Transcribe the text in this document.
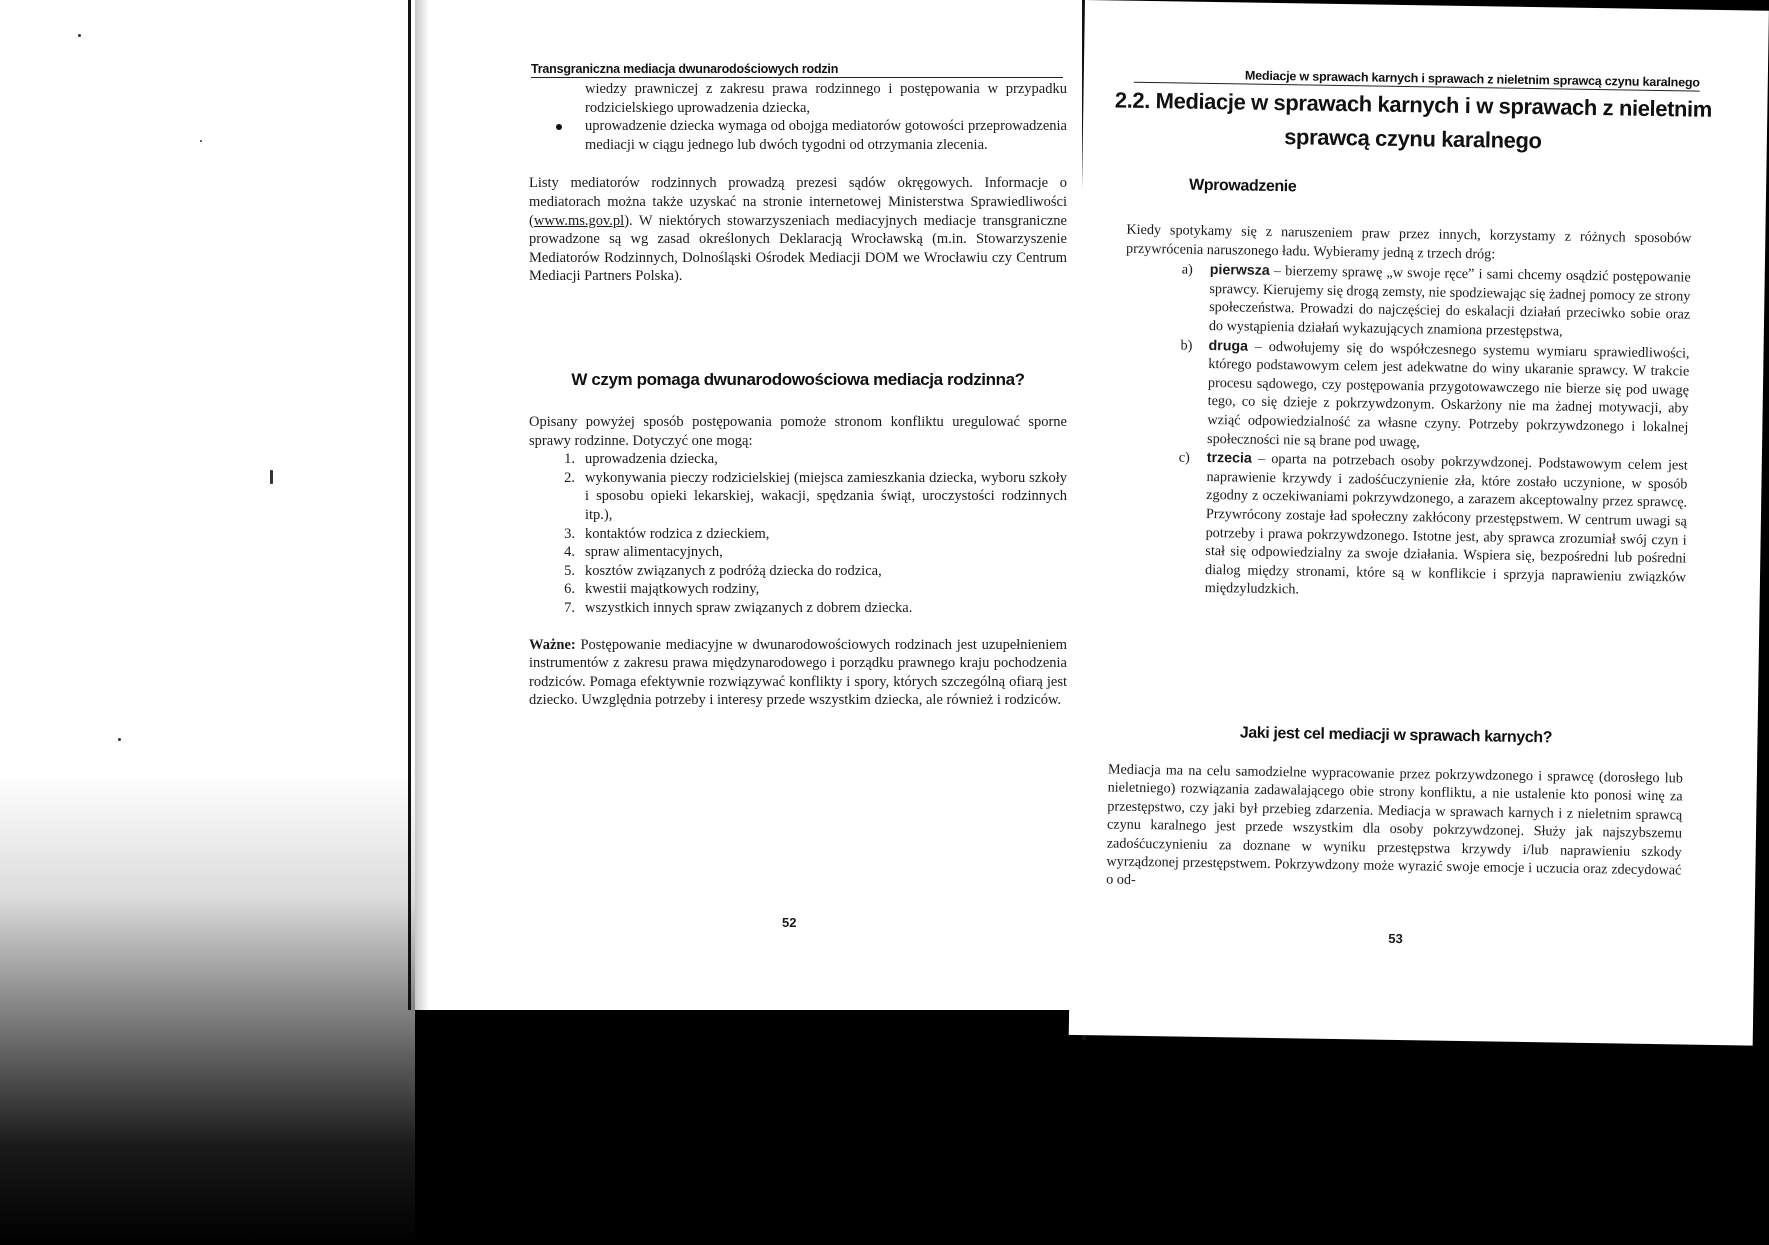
Transgraniczna mediacja dwunarodościowych rodzin
wiedzy prawniczej z zakresu prawa rodzinnego i postępowania w przypadku rodzicielskiego uprowadzenia dziecka,
uprowadzenie dziecka wymaga od obojga mediatorów gotowości przeprowadzenia mediacji w ciągu jednego lub dwóch tygodni od otrzymania zlecenia.

Listy mediatorów rodzinnych prowadzą prezesi sądów okręgowych. Informacje o mediatorach można także uzyskać na stronie internetowej Ministerstwa Sprawiedliwości (www.ms.gov.pl). W niektórych stowarzyszeniach mediacyjnych mediacje transgraniczne prowadzone są wg zasad określonych Deklaracją Wrocławską (m.in. Stowarzyszenie Mediatorów Rodzinnych, Dolnośląski Ośrodek Mediacji DOM we Wrocławiu czy Centrum Mediacji Partners Polska).

W czym pomaga dwunarodowościowa mediacja rodzinna?

Opisany powyżej sposób postępowania pomoże stronom konfliktu uregulować sporne sprawy rodzinne. Dotyczyć one mogą:

1. uprowadzenia dziecka,
2. wykonywania pieczy rodzicielskiej (miejsca zamieszkania dziecka, wyboru szkoły i sposobu opieki lekarskiej, wakacji, spędzania świąt, uroczystości rodzinnych itp.),
3. kontaktów rodzica z dzieckiem,
4. spraw alimentacyjnych,
5. kosztów związanych z podróżą dziecka do rodzica,
6. kwestii majątkowych rodziny,
7. wszystkich innych spraw związanych z dobrem dziecka.

Ważne: Postępowanie mediacyjne w dwunarodowościowych rodzinach jest uzupełnieniem instrumentów z zakresu prawa międzynarodowego i porządku prawnego kraju pochodzenia rodziców. Pomaga efektywnie rozwiązywać konflikty i spory, których szczególną ofiarą jest dziecko. Uwzględnia potrzeby i interesy przede wszystkim dziecka, ale również i rodziców.

52
Mediacje w sprawach karnych i sprawach z nieletnim sprawcą czynu karalnego
2.2. Mediacje w sprawach karnych i w sprawach z nieletnim
sprawcą czynu karalnego
Wprowadzenie

Kiedy spotykamy się z naruszeniem praw przez innych, korzystamy z różnych sposobów przywrócenia naruszonego ładu. Wybieramy jedną z trzech dróg:

a) pierwsza – bierzemy sprawę „w swoje ręce” i sami chcemy osądzić postępowanie sprawcy. Kierujemy się drogą zemsty, nie spodziewając się żadnej pomocy ze strony społeczeństwa. Prowadzi do najczęściej do eskalacji działań przeciwko sobie oraz do wystąpienia działań wykazujących znamiona przestępstwa,
b) druga – odwołujemy się do współczesnego systemu wymiaru sprawiedliwości, którego podstawowym celem jest adekwatne do winy ukaranie sprawcy. W trakcie procesu sądowego, czy postępowania przygotowawczego nie bierze się pod uwagę tego, co się dzieje z pokrzywdzonym. Oskarżony nie ma żadnej motywacji, aby wziąć odpowiedzialność za własne czyny. Potrzeby pokrzywdzonego i lokalnej społeczności nie są brane pod uwagę,
c) trzecia – oparta na potrzebach osoby pokrzywdzonej. Podstawowym celem jest naprawienie krzywdy i zadośćuczynienie zła, które zostało uczynione, w sposób zgodny z oczekiwaniami pokrzywdzonego, a zarazem akceptowalny przez sprawcę. Przywrócony zostaje ład społeczny zakłócony przestępstwem. W centrum uwagi są potrzeby i prawa pokrzywdzonego. Istotne jest, aby sprawca zrozumiał swój czyn i stał się odpowiedzialny za swoje działania. Wspiera się, bezpośredni lub pośredni dialog między stronami, które są w konflikcie i sprzyja naprawieniu związków międzyludzkich.
Jaki jest cel mediacji w sprawach karnych?

Mediacja ma na celu samodzielne wypracowanie przez pokrzywdzonego i sprawcę (dorosłego lub nieletniego) rozwiązania zadawalającego obie strony konfliktu, a nie ustalenie kto ponosi winę za przestępstwo, czy jaki był przebieg zdarzenia. Mediacja w sprawach karnych i z nieletnim sprawcą czynu karalnego jest przede wszystkim dla osoby pokrzywdzonej. Służy jak najszybszemu zadośćuczynieniu za doznane w wyniku przestępstwa krzywdy i/lub naprawieniu szkody wyrządzonej przestępstwem. Pokrzywdzony może wyrazić swoje emocje i uczucia oraz zdecydować o od-

53
